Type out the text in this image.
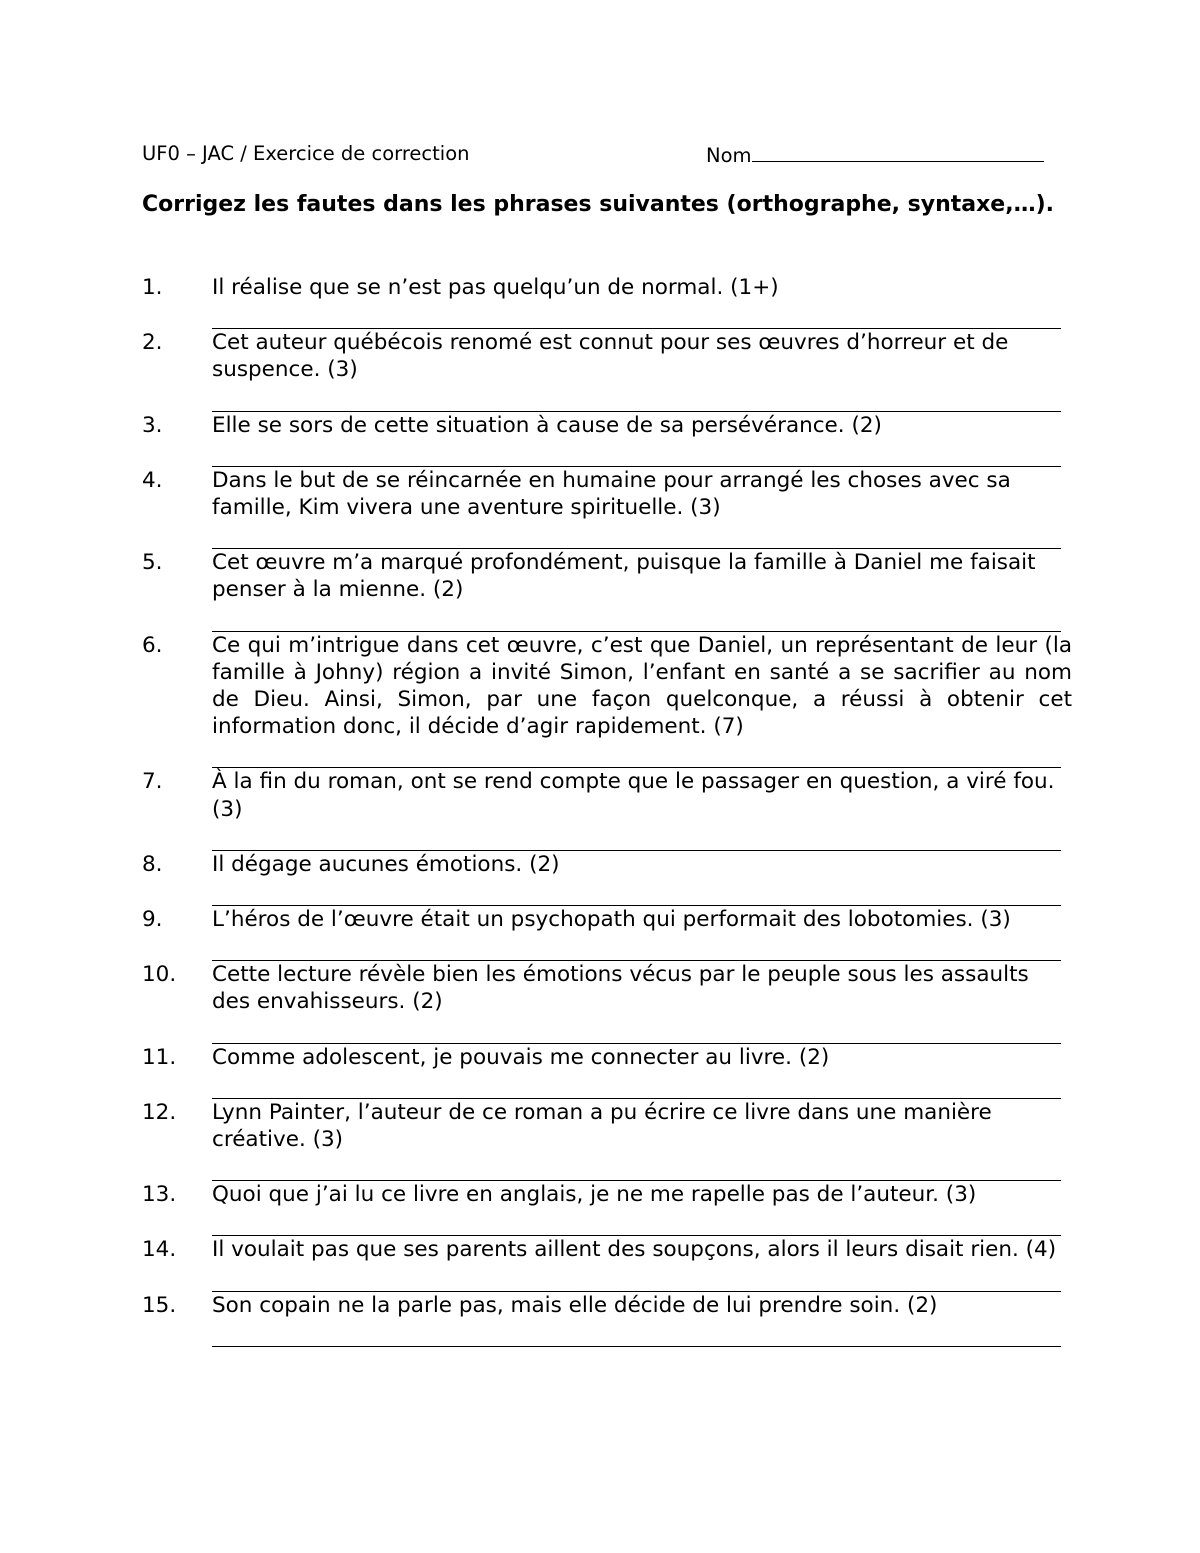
UF0 – JAC / Exercice de correction	Nom
Corrigez les fautes dans les phrases suivantes (orthographe, syntaxe,…).
1. Il réalise que se n’est pas quelqu’un de normal. (1+)
2. Cet auteur québécois renomé est connut pour ses œuvres d’horreur et de suspence. (3)
3. Elle se sors de cette situation à cause de sa persévérance. (2)
4. Dans le but de se réincarnée en humaine pour arrangé les choses avec sa famille, Kim vivera une aventure spirituelle. (3)
5. Cet œuvre m’a marqué profondément, puisque la famille à Daniel me faisait penser à la mienne. (2)
6. Ce qui m’intrigue dans cet œuvre, c’est que Daniel, un représentant de leur (la famille à Johny) région a invité Simon, l’enfant en santé a se sacrifier au nom de Dieu. Ainsi, Simon, par une façon quelconque, a réussi à obtenir cet information donc, il décide d’agir rapidement. (7)
7. À la fin du roman, ont se rend compte que le passager en question, a viré fou. (3)
8. Il dégage aucunes émotions. (2)
9. L’héros de l’œuvre était un psychopath qui performait des lobotomies. (3)
10. Cette lecture révèle bien les émotions vécus par le peuple sous les assaults des envahisseurs. (2)
11. Comme adolescent, je pouvais me connecter au livre. (2)
12. Lynn Painter, l’auteur de ce roman a pu écrire ce livre dans une manière créative. (3)
13. Quoi que j’ai lu ce livre en anglais, je ne me rapelle pas de l’auteur. (3)
14. Il voulait pas que ses parents aillent des soupçons, alors il leurs disait rien. (4)
15. Son copain ne la parle pas, mais elle décide de lui prendre soin. (2)
